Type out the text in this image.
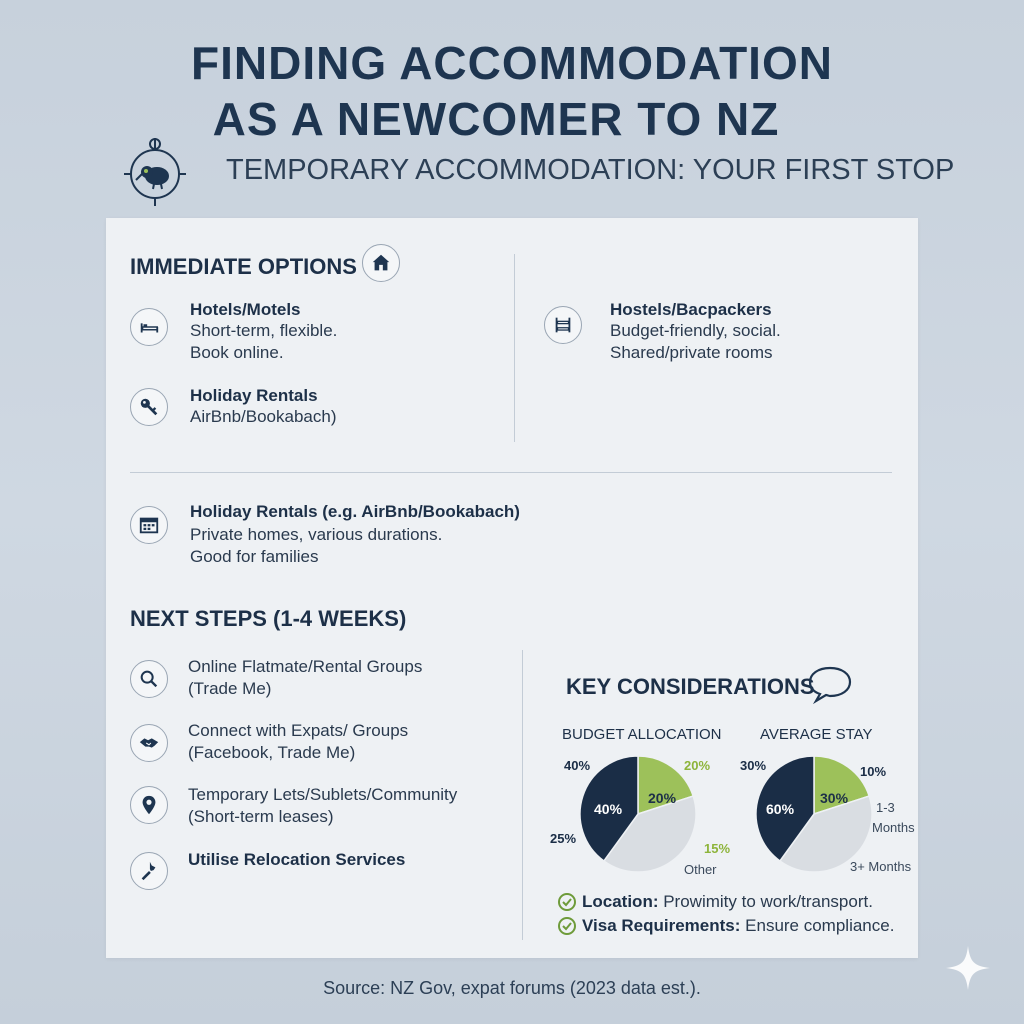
FINDING ACCOMMODATION
AS A NEWCOMER TO NZ
TEMPORARY ACCOMMODATION: YOUR FIRST STOP
IMMEDIATE OPTIONS
Hotels/Motels
Short-term, flexible.
Book online.
Holiday Rentals
AirBnb/Bookabach)
Hostels/Bacpackers
Budget-friendly, social.
Shared/private rooms
Holiday Rentals (e.g. AirBnb/Bookabach)
Private homes, various durations.
Good for families
NEXT STEPS (1-4 WEEKS)
Online Flatmate/Rental Groups
(Trade Me)
Connect with Expats/ Groups
(Facebook, Trade Me)
Temporary Lets/Sublets/Community
(Short-term leases)
Utilise Relocation Services
KEY CONSIDERATIONS
BUDGET ALLOCATION
40%
20%
40%	20%
25%
15%
Other
AVERAGE STAY
60%
30%
30%	10%
1-3
Months
3+ Months
Location: Prowimity to work/transport.
Visa Requirements: Ensure compliance.
Source: NZ Gov, expat forums (2023 data est.).
